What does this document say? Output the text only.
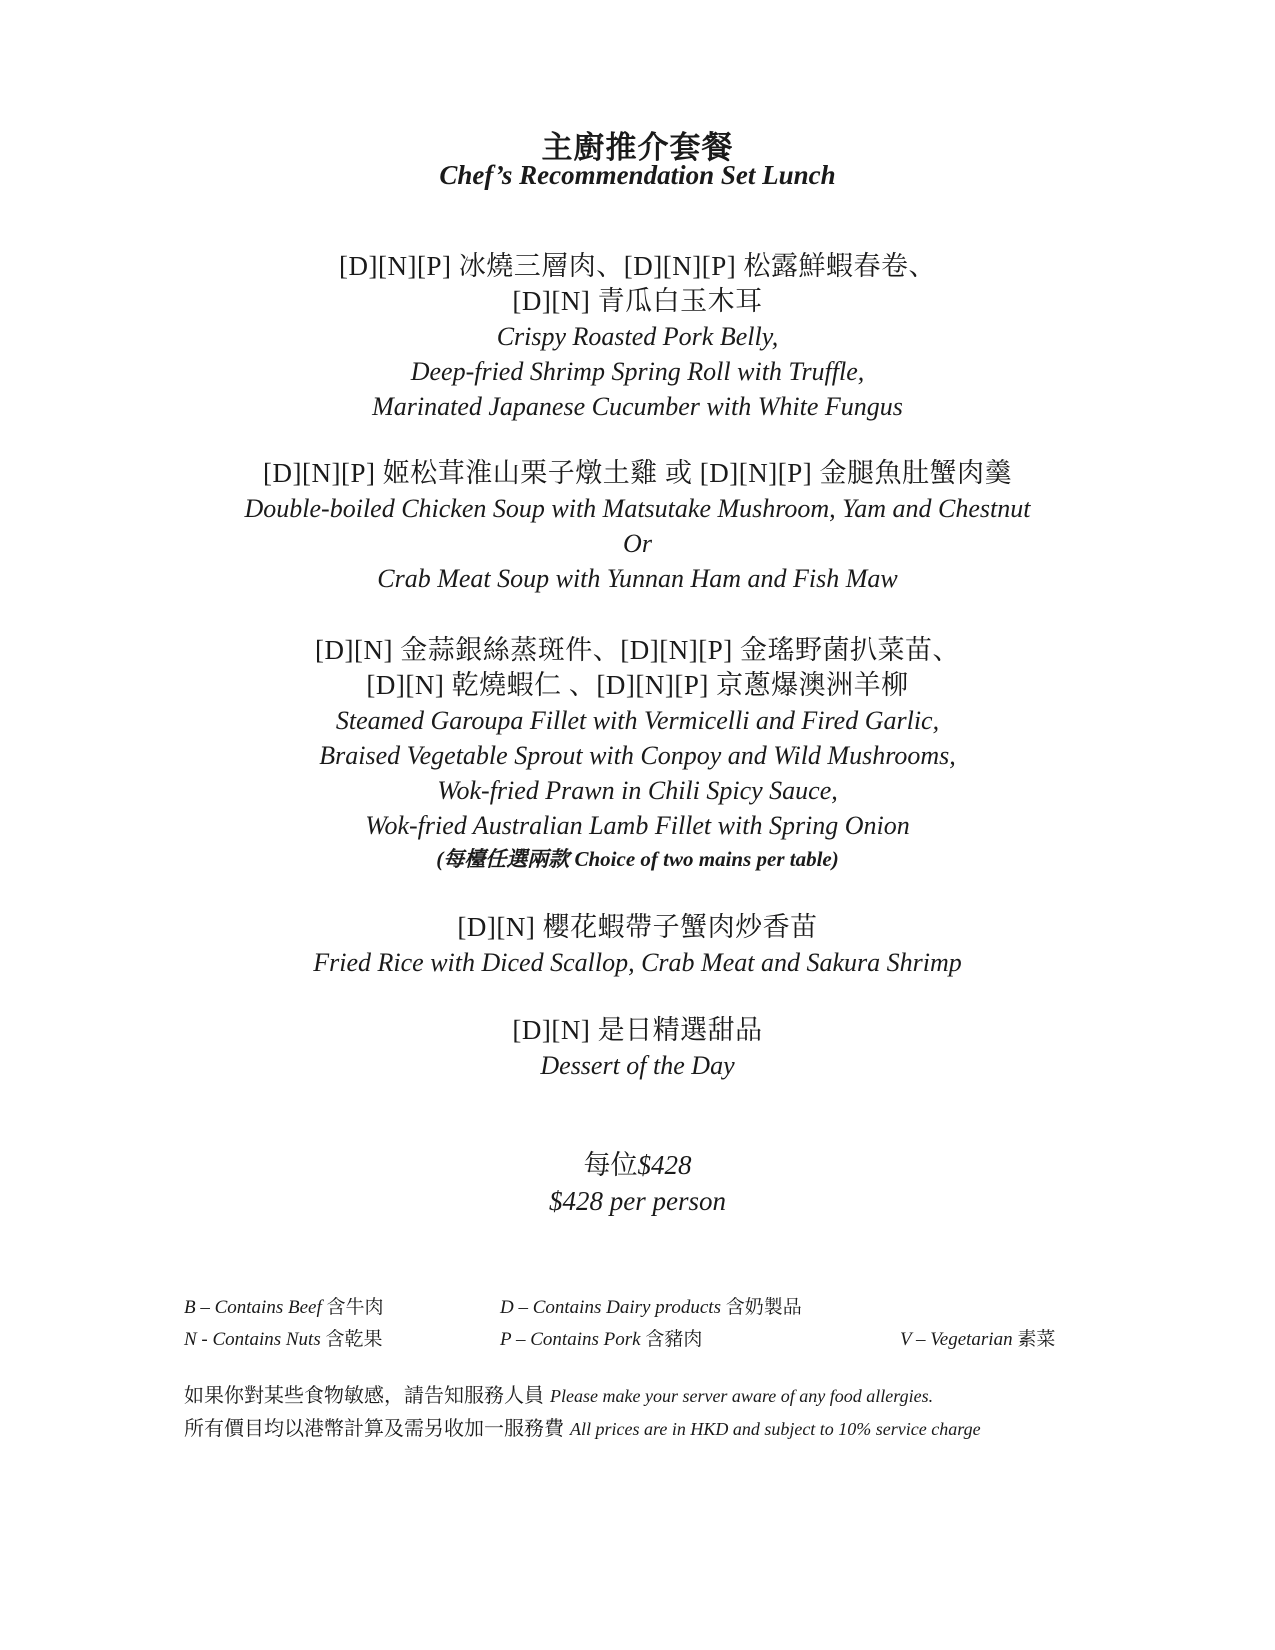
主廚推介套餐
Chef’s Recommendation Set Lunch
[D][N][P] 冰燒三層肉、[D][N][P] 松露鮮蝦春卷、
[D][N] 青瓜白玉木耳
Crispy Roasted Pork Belly,
Deep-fried Shrimp Spring Roll with Truffle,
Marinated Japanese Cucumber with White Fungus
[D][N][P] 姬松茸淮山栗子燉土雞 或 [D][N][P] 金腿魚肚蟹肉羹
Double-boiled Chicken Soup with Matsutake Mushroom, Yam and Chestnut
Or
Crab Meat Soup with Yunnan Ham and Fish Maw
[D][N] 金蒜銀絲蒸斑件、[D][N][P] 金瑤野菌扒菜苗、
[D][N] 乾燒蝦仁 、[D][N][P] 京蔥爆澳洲羊柳
Steamed Garoupa Fillet with Vermicelli and Fired Garlic,
Braised Vegetable Sprout with Conpoy and Wild Mushrooms,
Wok-fried Prawn in Chili Spicy Sauce,
Wok-fried Australian Lamb Fillet with Spring Onion
(每檯任選兩款 Choice of two mains per table)
[D][N] 櫻花蝦帶子蟹肉炒香苗
Fried Rice with Diced Scallop, Crab Meat and Sakura Shrimp
[D][N] 是日精選甜品
Dessert of the Day
每位$428
$428 per person
B – Contains Beef 含牛肉	D – Contains Dairy products 含奶製品
N - Contains Nuts 含乾果	P – Contains Pork 含豬肉	V – Vegetarian 素菜
如果你對某些食物敏感，請告知服務人員 Please make your server aware of any food allergies.
所有價目均以港幣計算及需另收加一服務費 All prices are in HKD and subject to 10% service charge
